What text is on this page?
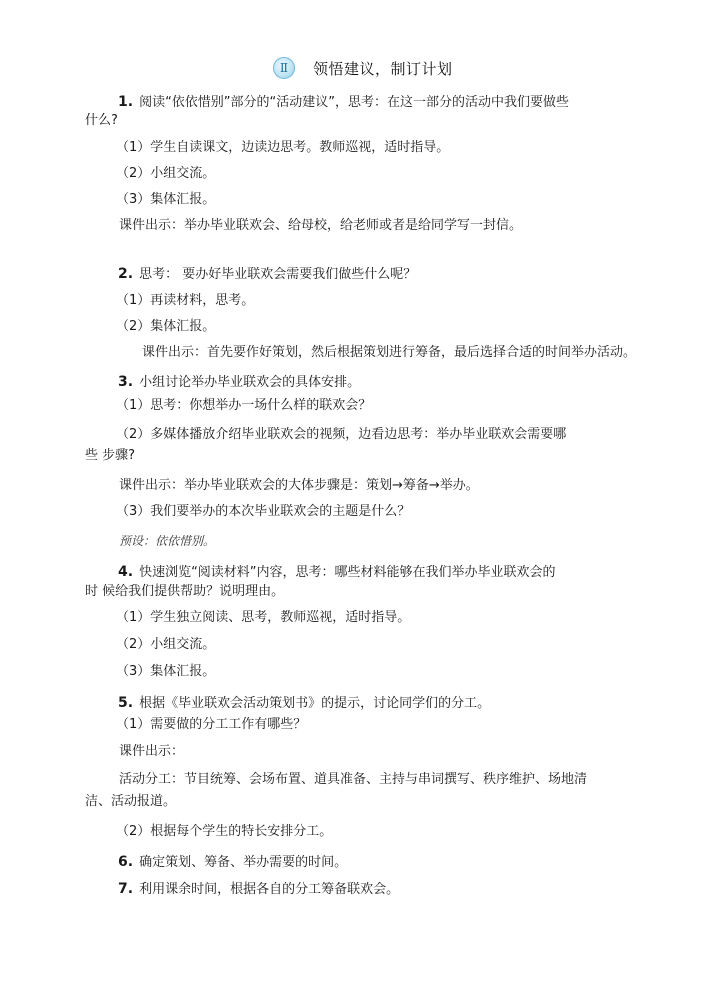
Ⅱ 领悟建议，制订计划
1. 阅读“依依惜别”部分的“活动建议”，思考：在这一部分的活动中我们要做些
什么?
（1）学生自读课文，边读边思考。教师巡视，适时指导。
（2）小组交流。
（3）集体汇报。
课件出示：举办毕业联欢会、给母校，给老师或者是给同学写一封信。
2. 思考： 要办好毕业联欢会需要我们做些什么呢？
（1）再读材料，思考。
（2）集体汇报。
课件出示：首先要作好策划，然后根据策划进行筹备，最后选择合适的时间举办活动。
3. 小组讨论举办毕业联欢会的具体安排。
（1）思考：你想举办一场什么样的联欢会？
（2）多媒体播放介绍毕业联欢会的视频，边看边思考：举办毕业联欢会需要哪
些 步骤?
课件出示：举办毕业联欢会的大体步骤是：策划→筹备→举办。
（3）我们要举办的本次毕业联欢会的主题是什么？
预设：依依惜别。
4. 快速浏览“阅读材料”内容，思考：哪些材料能够在我们举办毕业联欢会的
时 候给我们提供帮助？说明理由。
（1）学生独立阅读、思考，教师巡视，适时指导。
（2）小组交流。
（3）集体汇报。
5. 根据《毕业联欢会活动策划书》的提示，讨论同学们的分工。
（1）需要做的分工工作有哪些？
课件出示：
活动分工：节目统筹、会场布置、道具准备、主持与串词撰写、秩序维护、场地清
洁、活动报道。
（2）根据每个学生的特长安排分工。
6. 确定策划、筹备、举办需要的时间。
7. 利用课余时间，根据各自的分工筹备联欢会。
